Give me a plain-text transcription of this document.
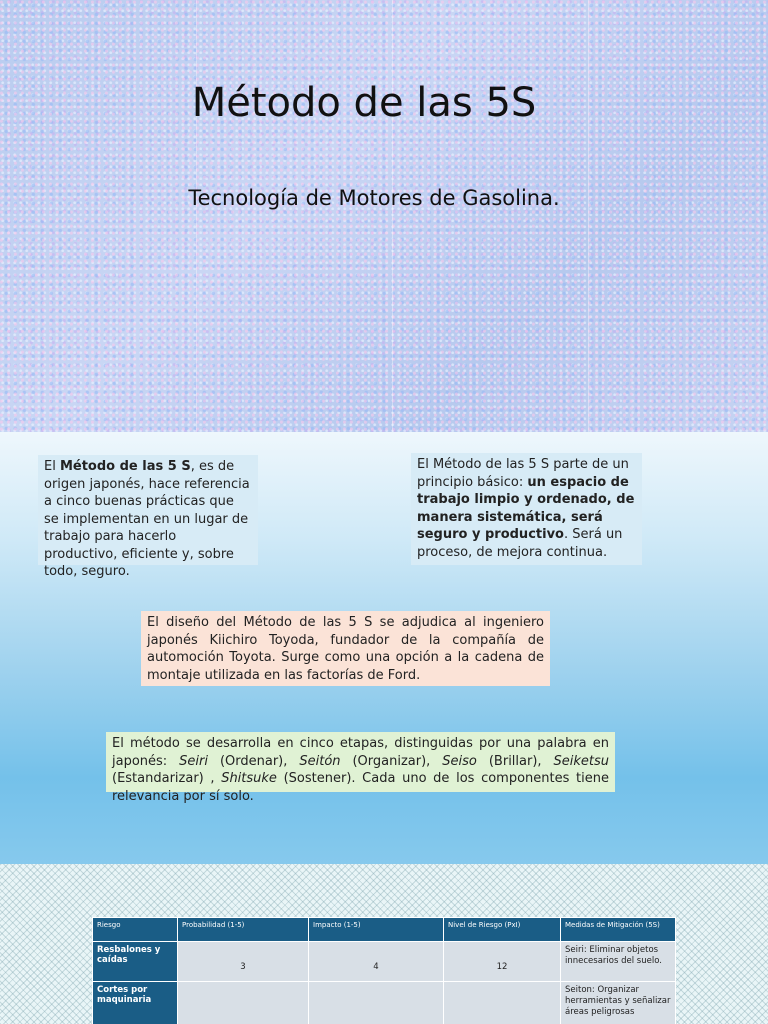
Método de las 5S
Tecnología de Motores de Gasolina.
El Método de las 5 S, es de origen japonés, hace referencia a cinco buenas prácticas que se implementan en un lugar de trabajo para hacerlo productivo, eficiente y, sobre todo, seguro.
El Método de las 5 S parte de un principio básico: un espacio de trabajo limpio y ordenado, de manera sistemática, será seguro y productivo. Será un proceso, de mejora continua.
El diseño del Método de las 5 S se adjudica al ingeniero japonés Kiichiro Toyoda, fundador de la compañía de automoción Toyota. Surge como una opción a la cadena de montaje utilizada en las factorías de Ford.
El método se desarrolla en cinco etapas, distinguidas por una palabra en japonés: Seiri (Ordenar), Seitón (Organizar), Seiso (Brillar), Seiketsu (Estandarizar) , Shitsuke (Sostener). Cada uno de los componentes tiene relevancia por sí solo.
Riesgo	Probabilidad (1-5)	Impacto (1-5)	Nivel de Riesgo (PxI)	Medidas de Mitigación (5S)
Resbalones y caídas	3	4	12	Seiri: Eliminar objetos innecesarios del suelo.
Cortes por maquinaria				Seiton: Organizar herramientas y señalizar áreas peligrosas
